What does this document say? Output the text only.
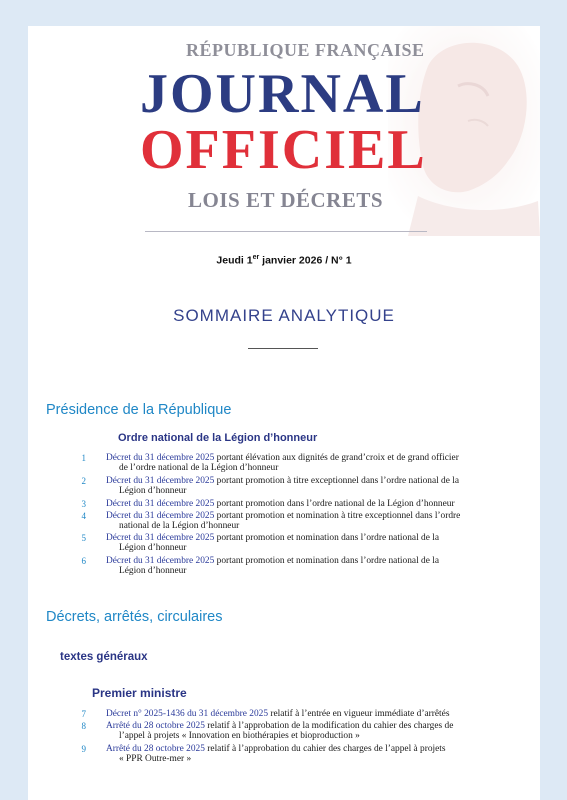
RÉPUBLIQUE FRANÇAISE
JOURNAL
OFFICIEL
LOIS ET DÉCRETS
Jeudi 1er janvier 2026 / N° 1
SOMMAIRE ANALYTIQUE
Présidence de la République
Ordre national de la Légion d’honneur
1 Décret du 31 décembre 2025 portant élévation aux dignités de grand’croix et de grand officier
de l’ordre national de la Légion d’honneur
2 Décret du 31 décembre 2025 portant promotion à titre exceptionnel dans l’ordre national de la
Légion d’honneur
3 Décret du 31 décembre 2025 portant promotion dans l’ordre national de la Légion d’honneur
4 Décret du 31 décembre 2025 portant promotion et nomination à titre exceptionnel dans l’ordre
national de la Légion d’honneur
5 Décret du 31 décembre 2025 portant promotion et nomination dans l’ordre national de la
Légion d’honneur
6 Décret du 31 décembre 2025 portant promotion et nomination dans l’ordre national de la
Légion d’honneur
Décrets, arrêtés, circulaires
textes généraux
Premier ministre
7 Décret n° 2025-1436 du 31 décembre 2025 relatif à l’entrée en vigueur immédiate d’arrêtés
8 Arrêté du 28 octobre 2025 relatif à l’approbation de la modification du cahier des charges de
l’appel à projets « Innovation en biothérapies et bioproduction »
9 Arrêté du 28 octobre 2025 relatif à l’approbation du cahier des charges de l’appel à projets
« PPR Outre-mer »
